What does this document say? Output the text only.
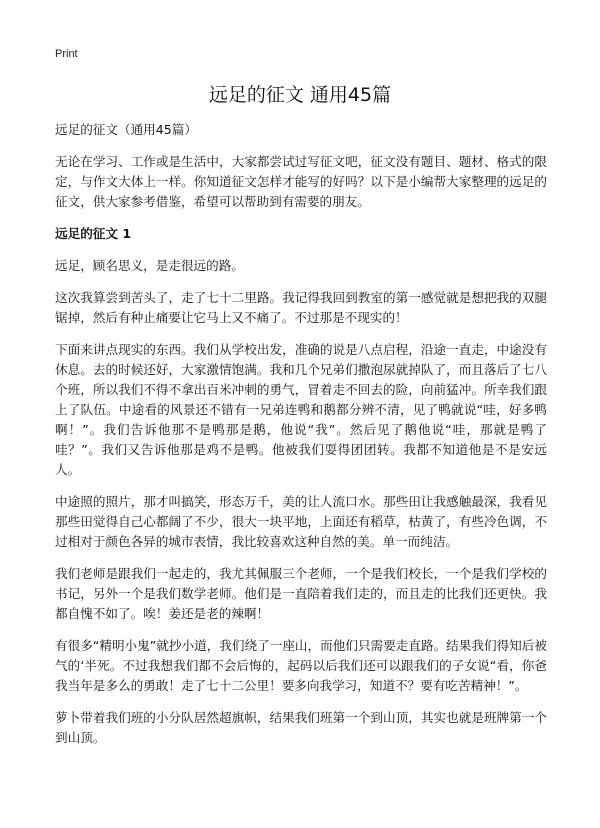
Print
远足的征文 通用45篇

远足的征文（通用45篇）

无论在学习、工作或是生活中，大家都尝试过写征文吧，征文没有题目、题材、格式的限定，与作文大体上一样。你知道征文怎样才能写的好吗？以下是小编帮大家整理的远足的征文，供大家参考借鉴，希望可以帮助到有需要的朋友。

远足的征文 1

远足，顾名思义，是走很远的路。

这次我算尝到苦头了，走了七十二里路。我记得我回到教室的第一感觉就是想把我的双腿锯掉，然后有种止痛要让它马上又不痛了。不过那是不现实的！

下面来讲点现实的东西。我们从学校出发，准确的说是八点启程，沿途一直走，中途没有休息。去的时候还好，大家激情饱满。我和几个兄弟们撒泡尿就掉队了，而且落后了七八个班，所以我们不得不拿出百米冲刺的勇气，冒着走不回去的险，向前猛冲。所幸我们跟上了队伍。中途看的风景还不错有一兄弟连鸭和鹅都分辨不清，见了鸭就说“哇，好多鸭啊！”。我们告诉他那不是鸭那是鹅，他说“我”。然后见了鹅他说“哇，那就是鸭了哇？”。我们又告诉他那是鸡不是鸭。他被我们耍得团团转。我都不知道他是不是安远人。

中途照的照片，那才叫搞笑，形态万千，美的让人流口水。那些田让我感触最深，我看见那些田觉得自己心都阔了不少，很大一块平地，上面还有稻草，枯黄了，有些冷色调，不过相对于颜色各异的城市表情，我比较喜欢这种自然的美。单一而纯洁。

我们老师是跟我们一起走的，我尤其佩服三个老师，一个是我们校长，一个是我们学校的书记，另外一个是我们数学老师。他们是一直陪着我们走的，而且走的比我们还更快。我都自愧不如了。唉！姜还是老的辣啊！

有很多“精明小鬼”就抄小道，我们绕了一座山，而他们只需要走直路。结果我们得知后被气的‘半死。不过我想我们都不会后悔的，起码以后我们还可以跟我们的子女说“看，你爸我当年是多么的勇敢！走了七十二公里！要多向我学习，知道不？要有吃苦精神！”。

萝卜带着我们班的小分队居然超旗帜，结果我们班第一个到山顶，其实也就是班牌第一个到山顶。
